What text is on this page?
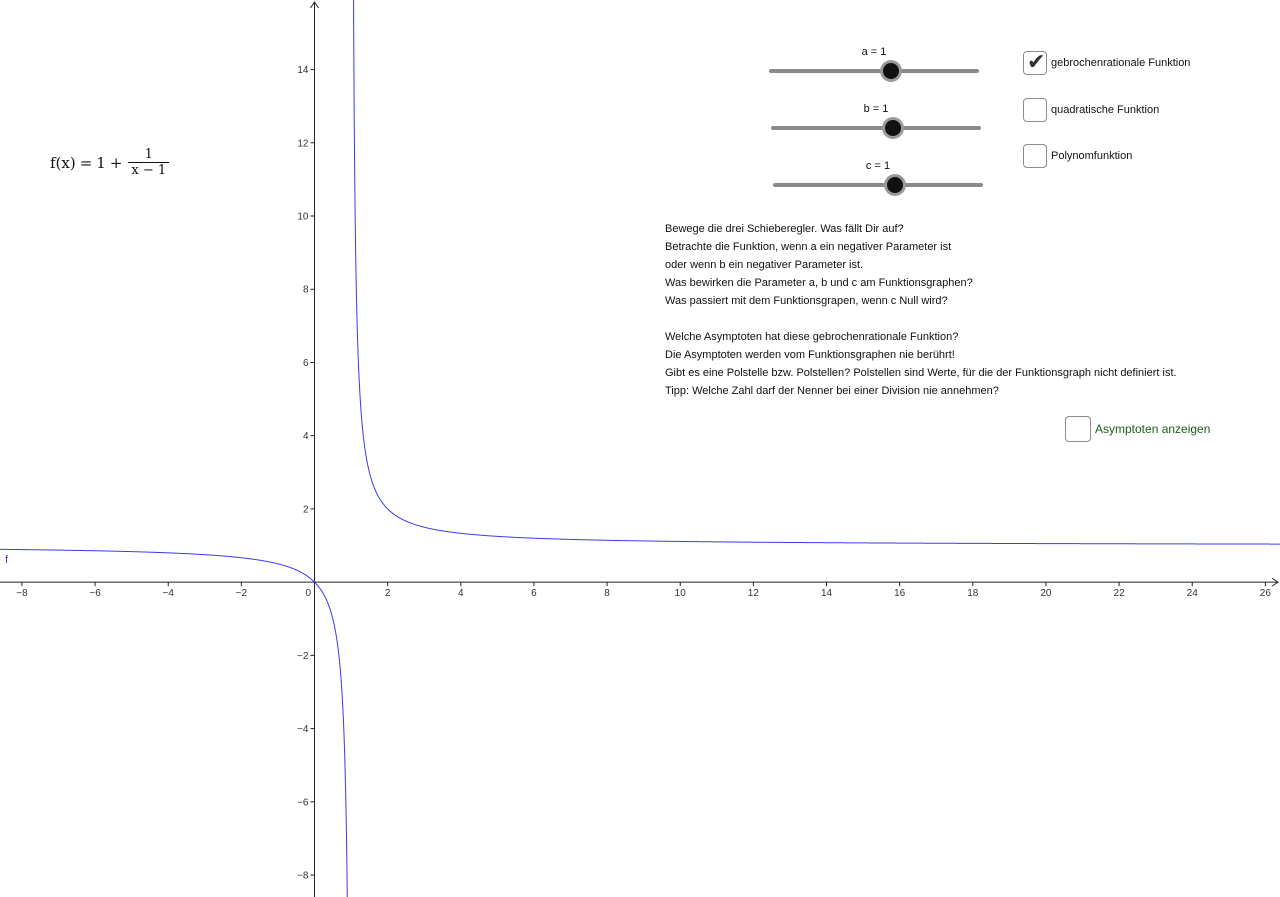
−8	−6	−4	−2	0	2	4	6	8	10	12	14	16	18	20	22	24	26
14
12
10
8
6
4
2
−2
−4
−6
−8
f
$f(x) = 1 + \frac{1}{x - 1}$
a = 1
b = 1
c = 1
✔ gebrochenrationale Funktion
quadratische Funktion
Polynomfunktion
Bewege die drei Schieberegler. Was fällt Dir auf?
Betrachte die Funktion, wenn a ein negativer Parameter ist
oder wenn b ein negativer Parameter ist.
Was bewirken die Parameter a, b und c am Funktionsgraphen?
Was passiert mit dem Funktionsgrapen, wenn c Null wird?
Welche Asymptoten hat diese gebrochenrationale Funktion?
Die Asymptoten werden vom Funktionsgraphen nie berührt!
Gibt es eine Polstelle bzw. Polstellen? Polstellen sind Werte, für die der Funktionsgraph nicht definiert ist.
Tipp: Welche Zahl darf der Nenner bei einer Division nie annehmen?
Asymptoten anzeigen
